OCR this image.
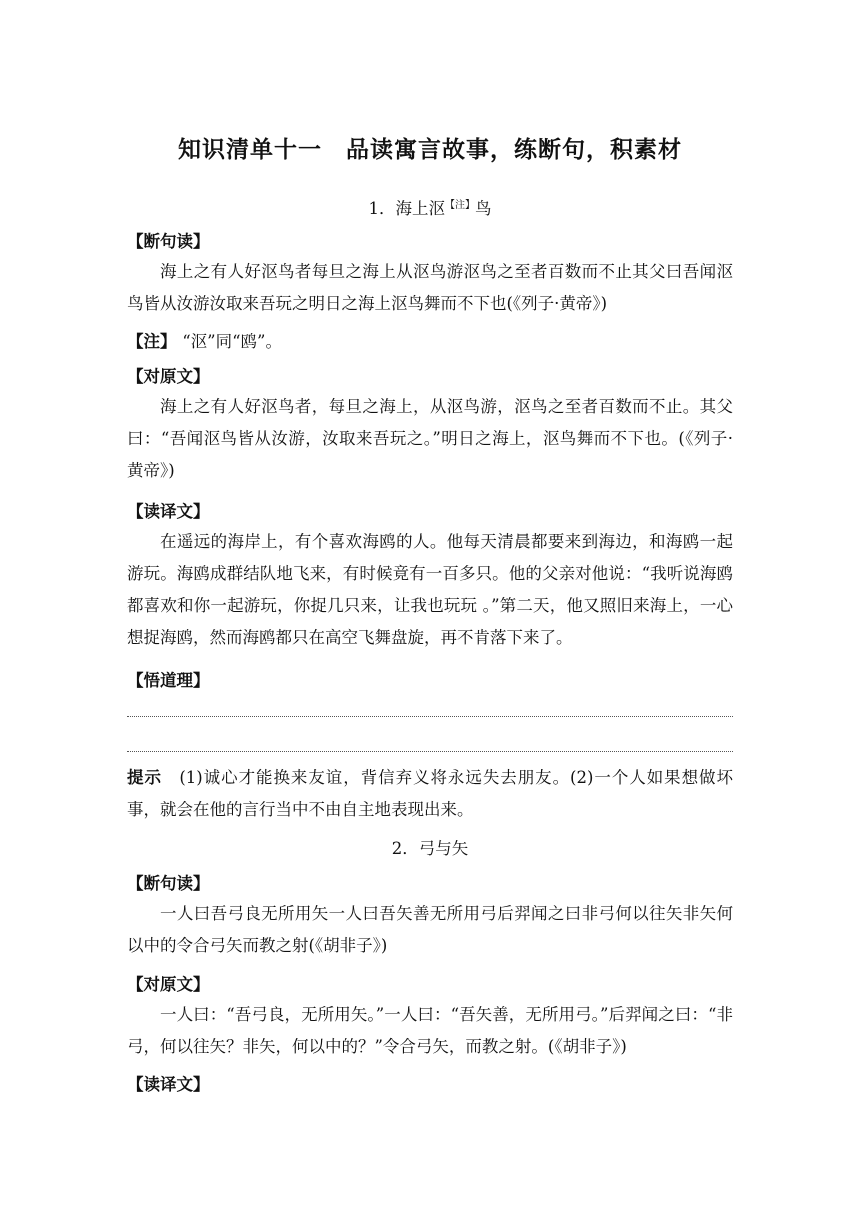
知识清单十一　品读寓言故事，练断句，积素材
1．海上沤$^{【注】}$鸟
【断句读】
海上之有人好沤鸟者每旦之海上从沤鸟游沤鸟之至者百数而不止其父曰吾闻沤鸟皆从汝游汝取来吾玩之明日之海上沤鸟舞而不下也(《列子·黄帝》)
【注】 “沤”同“鸥”。
【对原文】
海上之有人好沤鸟者，每旦之海上，从沤鸟游，沤鸟之至者百数而不止。其父曰：“吾闻沤鸟皆从汝游，汝取来吾玩之。”明日之海上，沤鸟舞而不下也。(《列子·黄帝》)
【读译文】
在遥远的海岸上，有个喜欢海鸥的人。他每天清晨都要来到海边，和海鸥一起游玩。海鸥成群结队地飞来，有时候竟有一百多只。他的父亲对他说：“我听说海鸥都喜欢和你一起游玩，你捉几只来，让我也玩玩 。”第二天，他又照旧来海上，一心想捉海鸥，然而海鸥都只在高空飞舞盘旋，再不肯落下来了。
【悟道理】
提示　(1)诚心才能换来友谊，背信弃义将永远失去朋友。(2)一个人如果想做坏事，就会在他的言行当中不由自主地表现出来。
2．弓与矢
【断句读】
一人曰吾弓良无所用矢一人曰吾矢善无所用弓后羿闻之曰非弓何以往矢非矢何以中的令合弓矢而教之射(《胡非子》)
【对原文】
一人曰：“吾弓良，无所用矢。”一人曰：“吾矢善，无所用弓。”后羿闻之曰：“非弓，何以往矢？非矢，何以中的？”令合弓矢，而教之射。(《胡非子》)
【读译文】
